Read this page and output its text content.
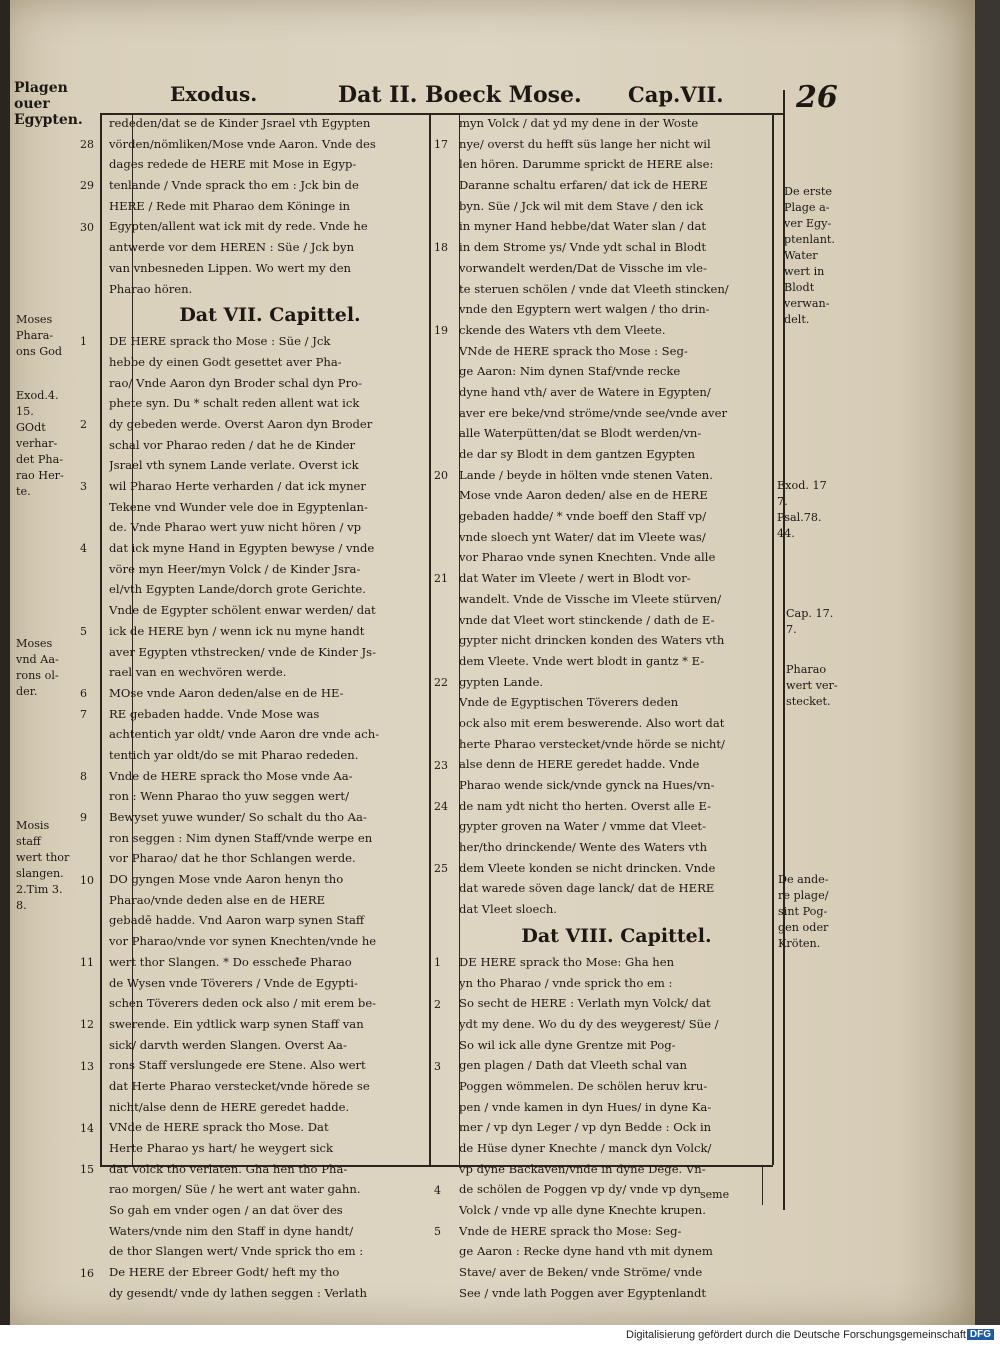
Plagen ouer Egypten.
Exodus.	Dat II. Boeck Mose. Cap.VII. 26
rededen/dat se de Kinder Jsrael vth Egypten
vörden/nömliken/Mose vnde Aaron. Vnde des
dages redede de HERE mit Mose in Egyp-
tenlande / Vnde sprack tho em : Jck bin de
HERE / Rede mit Pharao dem Köninge in
Egypten/allent wat ick mit dy rede. Vnde he
antwerde vor dem HEREN : Süe / Jck byn
van vnbesneden Lippen. Wo wert my den
Pharao hören.
Dat VII. Capittel.
DE HERE sprack tho Mose : Süe / Jck
hebbe dy einen Godt gesettet aver Pha-
rao/ Vnde Aaron dyn Broder schal dyn Pro-
phete syn. Du * schalt reden allent wat ick
dy gebeden werde. Overst Aaron dyn Broder
schal vor Pharao reden / dat he de Kinder
Jsrael vth synem Lande verlate. Overst ick
wil Pharao Herte verharden / dat ick myner
Tekene vnd Wunder vele doe in Egyptenlan-
de. Vnde Pharao wert yuw nicht hören / vp
dat ick myne Hand in Egypten bewyse / vnde
vöre myn Heer/myn Volck / de Kinder Jsra-
el/vth Egypten Lande/dorch grote Gerichte.
Vnde de Egypter schölent enwar werden/ dat
ick de HERE byn / wenn ick nu myne handt
aver Egypten vthstrecken/ vnde de Kinder Js-
rael van en wechvören werde.
MOse vnde Aaron deden/alse en de HE-
RE gebaden hadde. Vnde Mose was
achtentich yar oldt/ vnde Aaron dre vnde ach-
tentich yar oldt/do se mit Pharao rededen.
Vnde de HERE sprack tho Mose vnde Aa-
ron : Wenn Pharao tho yuw seggen wert/
Bewyset yuwe wunder/ So schalt du tho Aa-
ron seggen : Nim dynen Staff/vnde werpe en
vor Pharao/ dat he thor Schlangen werde.
DO gyngen Mose vnde Aaron henyn tho
Pharao/vnde deden alse en de HERE
gebadē hadde. Vnd Aaron warp synen Staff
vor Pharao/vnde vor synen Knechten/vnde he
wert thor Slangen. * Do esscheđe Pharao
de Wysen vnde Töverers / Vnde de Egypti-
schen Töverers deden ock also / mit erem be-
swerende. Ein ydtlick warp synen Staff van
sick/ darvth werden Slangen. Overst Aa-
rons Staff verslungede ere Stene. Also wert
dat Herte Pharao verstecket/vnde hörede se
nicht/alse denn de HERE geredet hadde.
VNde de HERE sprack tho Mose. Dat
Herte Pharao ys hart/ he weygert sick
dat Volck tho verlaten. Gha hen tho Pha-
rao morgen/ Süe / he wert ant water gahn.
So gah em vnder ogen / an dat över des
Waters/vnde nim den Staff in dyne handt/
de thor Slangen wert/ Vnde sprick tho em :
De HERE der Ebreer Godt/ heft my tho
dy gesendt/ vnde dy lathen seggen : Verlath
myn Volck / dat yd my dene in der Woste
nye/ overst du hefft süs lange her nicht wil
len hören. Darumme sprickt de HERE alse:
Daranne schaltu erfaren/ dat ick de HERE
byn. Süe / Jck wil mit dem Stave / den ick
in myner Hand hebbe/dat Water slan / dat
in dem Strome ys/ Vnde ydt schal in Blodt
vorwandelt werden/Dat de Vissche im vle-
te steruen schölen / vnde dat Vleeth stincken/
vnde den Egyptern wert walgen / tho drin-
ckende des Waters vth dem Vleete.
VNde de HERE sprack tho Mose : Seg-
ge Aaron: Nim dynen Staf/vnde recke
dyne hand vth/ aver de Watere in Egypten/
aver ere beke/vnd ströme/vnde see/vnde aver
alle Waterpütten/dat se Blodt werden/vn-
de dar sy Blodt in dem gantzen Egypten
Lande / beyde in hölten vnde stenen Vaten.
Mose vnde Aaron deden/ alse en de HERE
gebaden hadde/ * vnde boeff den Staff vp/
vnde sloech ynt Water/ dat im Vleete was/
vor Pharao vnde synen Knechten. Vnde alle
dat Water im Vleete / wert in Blodt vor-
wandelt. Vnde de Vissche im Vleete stürven/
vnde dat Vleet wort stinckende / dath de E-
gypter nicht drincken konden des Waters vth
dem Vleete. Vnde wert blodt in gantz * E-
gypten Lande.
Vnde de Egyptischen Töverers deden
ock also mit erem beswerende. Also wort dat
herte Pharao verstecket/vnde hörde se nicht/
alse denn de HERE geredet hadde. Vnde
Pharao wende sick/vnde gynck na Hues/vn-
de nam ydt nicht tho herten. Overst alle E-
gypter groven na Water / vmme dat Vleet-
her/tho drinckende/ Wente des Waters vth
dem Vleete konden se nicht drincken. Vnde
dat warede söven dage lanck/ dat de HERE
dat Vleet sloech.
Dat VIII. Capittel.
DE HERE sprack tho Mose: Gha hen
yn tho Pharao / vnde sprick tho em :
So secht de HERE : Verlath myn Volck/ dat
ydt my dene. Wo du dy des weygerest/ Süe /
So wil ick alle dyne Grentze mit Pog-
gen plagen / Dath dat Vleeth schal van
Poggen wömmelen. De schölen heruv kru-
pen / vnde kamen in dyn Hues/ in dyne Ka-
mer / vp dyn Leger / vp dyn Bedde : Ock in
de Hüse dyner Knechte / manck dyn Volck/
vp dyne Backaven/vnde in dyne Dege. Vn-
de schölen de Poggen vp dy/ vnde vp dyn
Volck / vnde vp alle dyne Knechte krupen.
Vnde de HERE sprack tho Mose: Seg-
ge Aaron : Recke dyne hand vth mit dynem
Stave/ aver de Beken/ vnde Ströme/ vnde
See / vnde lath Poggen aver Egyptenlandt
28
29
30
1
2
3
4
5
6
7
8
9
10
11
12
13
14
15
16
17
18
19
20
21
22
23
24
25
1
2
3
4
5
Moses
Phara-
ons God
Exod.4.
15.
GOdt
verhar-
det Pha-
rao Her-
te.
Moses
vnd Aa-
rons ol-
der.
Mosis
staff
wert thor
slangen.
2.Tim 3.
8.
De erste
Plage a-
ver Egy-
ptenlant.
Water
wert in
Blodt
verwan-
delt.
Exod. 17
7.
Psal.78.
44.
Cap. 17.
7.
Pharao
wert ver-
stecket.
De ande-
re plage/
sint Pog-
gen oder
Kröten.
seme
Digitalisierung gefördert durch die Deutsche Forschungsgemeinschaft DFG
